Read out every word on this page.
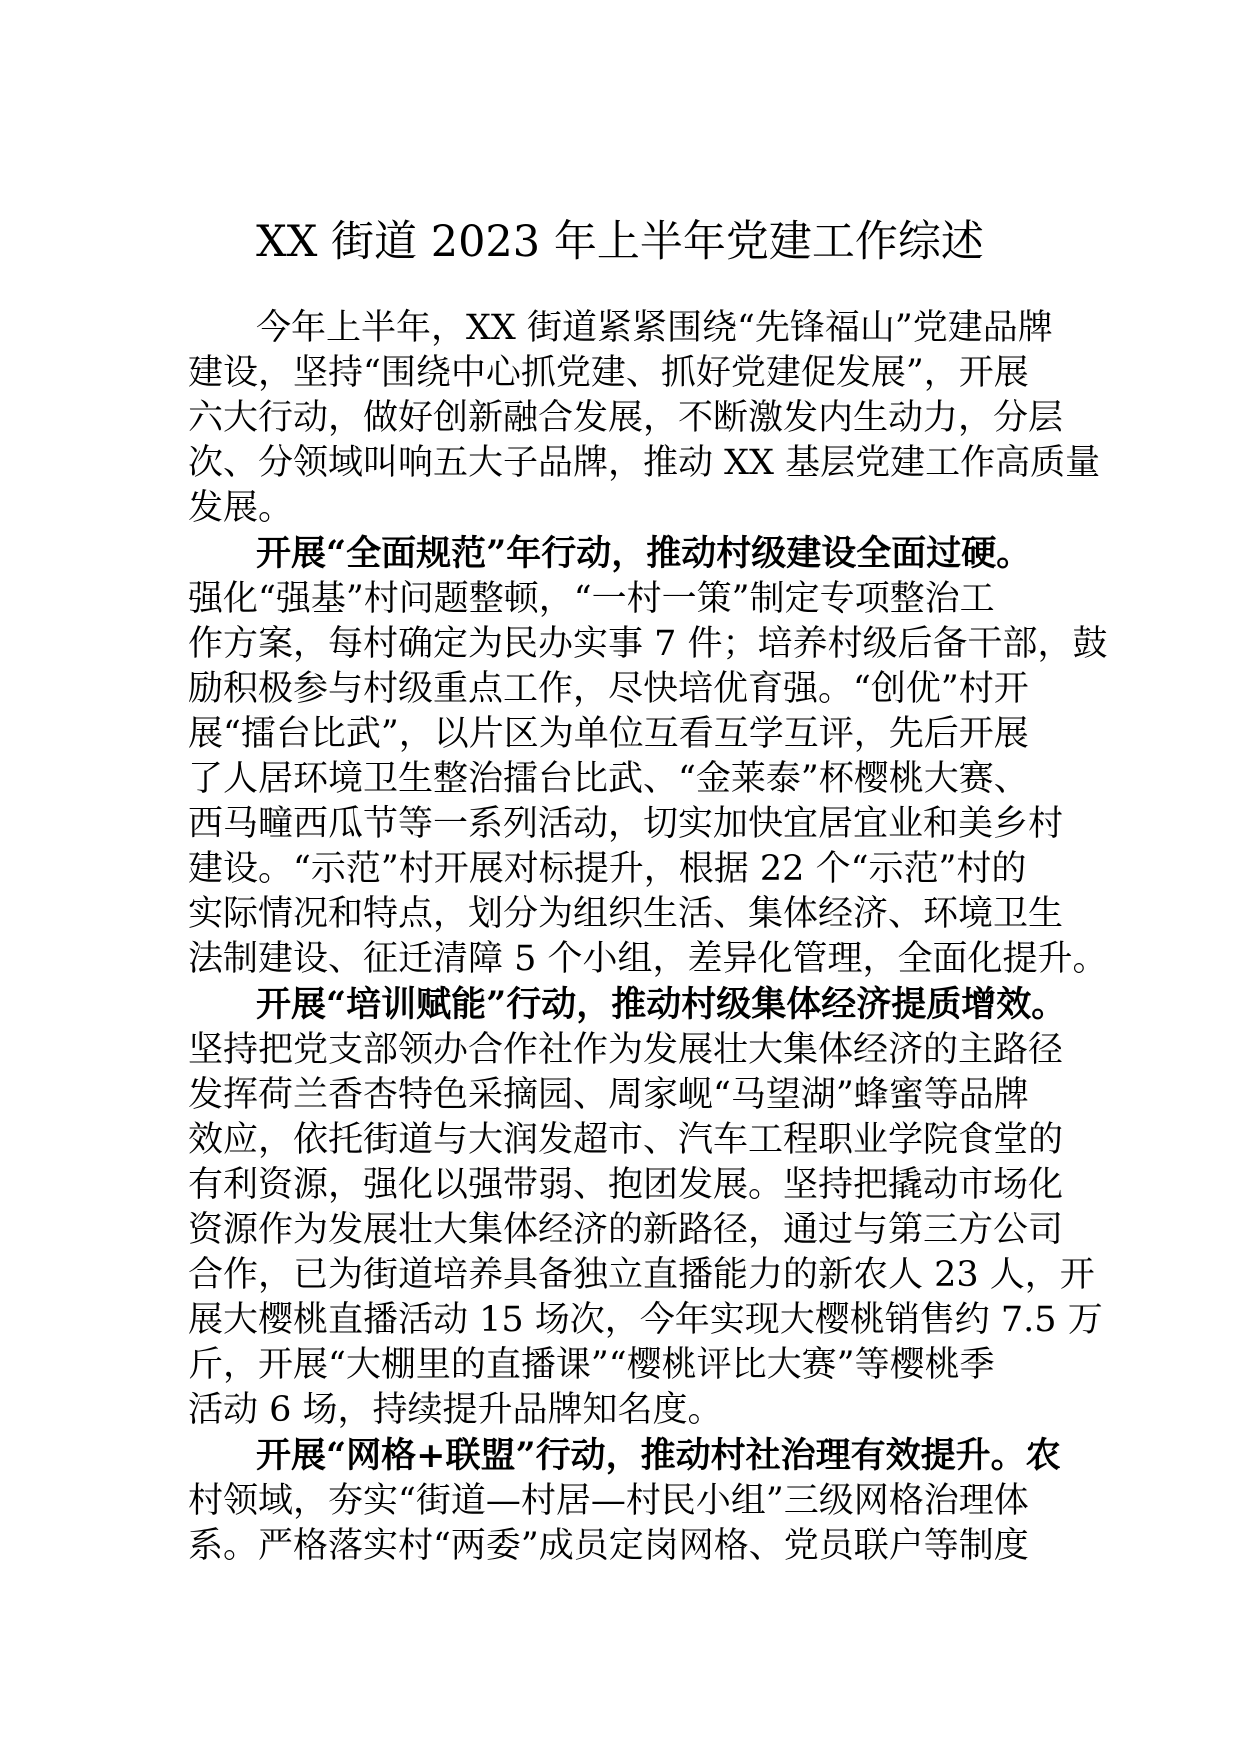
XX 街道 2023 年上半年党建工作综述

今年上半年，XX 街道紧紧围绕“先锋福山”党建品牌

建设，坚持“围绕中心抓党建、抓好党建促发展”，开展

六大行动，做好创新融合发展，不断激发内生动力，分层

次、分领域叫响五大子品牌，推动 XX 基层党建工作高质量

发展。

开展“全面规范”年行动，推动村级建设全面过硬。

强化“强基”村问题整顿，“一村一策”制定专项整治工

作方案，每村确定为民办实事 7 件；培养村级后备干部，鼓

励积极参与村级重点工作，尽快培优育强。“创优”村开

展“擂台比武”，以片区为单位互看互学互评，先后开展

了人居环境卫生整治擂台比武、“金莱泰”杯樱桃大赛、

西马疃西瓜节等一系列活动，切实加快宜居宜业和美乡村

建设。“示范”村开展对标提升，根据 22 个“示范”村的

实际情况和特点，划分为组织生活、集体经济、环境卫生

法制建设、征迁清障 5 个小组，差异化管理，全面化提升。

开展“培训赋能”行动，推动村级集体经济提质增效。

坚持把党支部领办合作社作为发展壮大集体经济的主路径

发挥荷兰香杏特色采摘园、周家岘“马望湖”蜂蜜等品牌

效应，依托街道与大润发超市、汽车工程职业学院食堂的

有利资源，强化以强带弱、抱团发展。坚持把撬动市场化

资源作为发展壮大集体经济的新路径，通过与第三方公司

合作，已为街道培养具备独立直播能力的新农人 23 人，开

展大樱桃直播活动 15 场次，今年实现大樱桃销售约 7.5 万

斤，开展“大棚里的直播课”“樱桃评比大赛”等樱桃季

活动 6 场，持续提升品牌知名度。

开展“网格+联盟”行动，推动村社治理有效提升。农

村领域，夯实“街道—村居—村民小组”三级网格治理体

系。严格落实村“两委”成员定岗网格、党员联户等制度
